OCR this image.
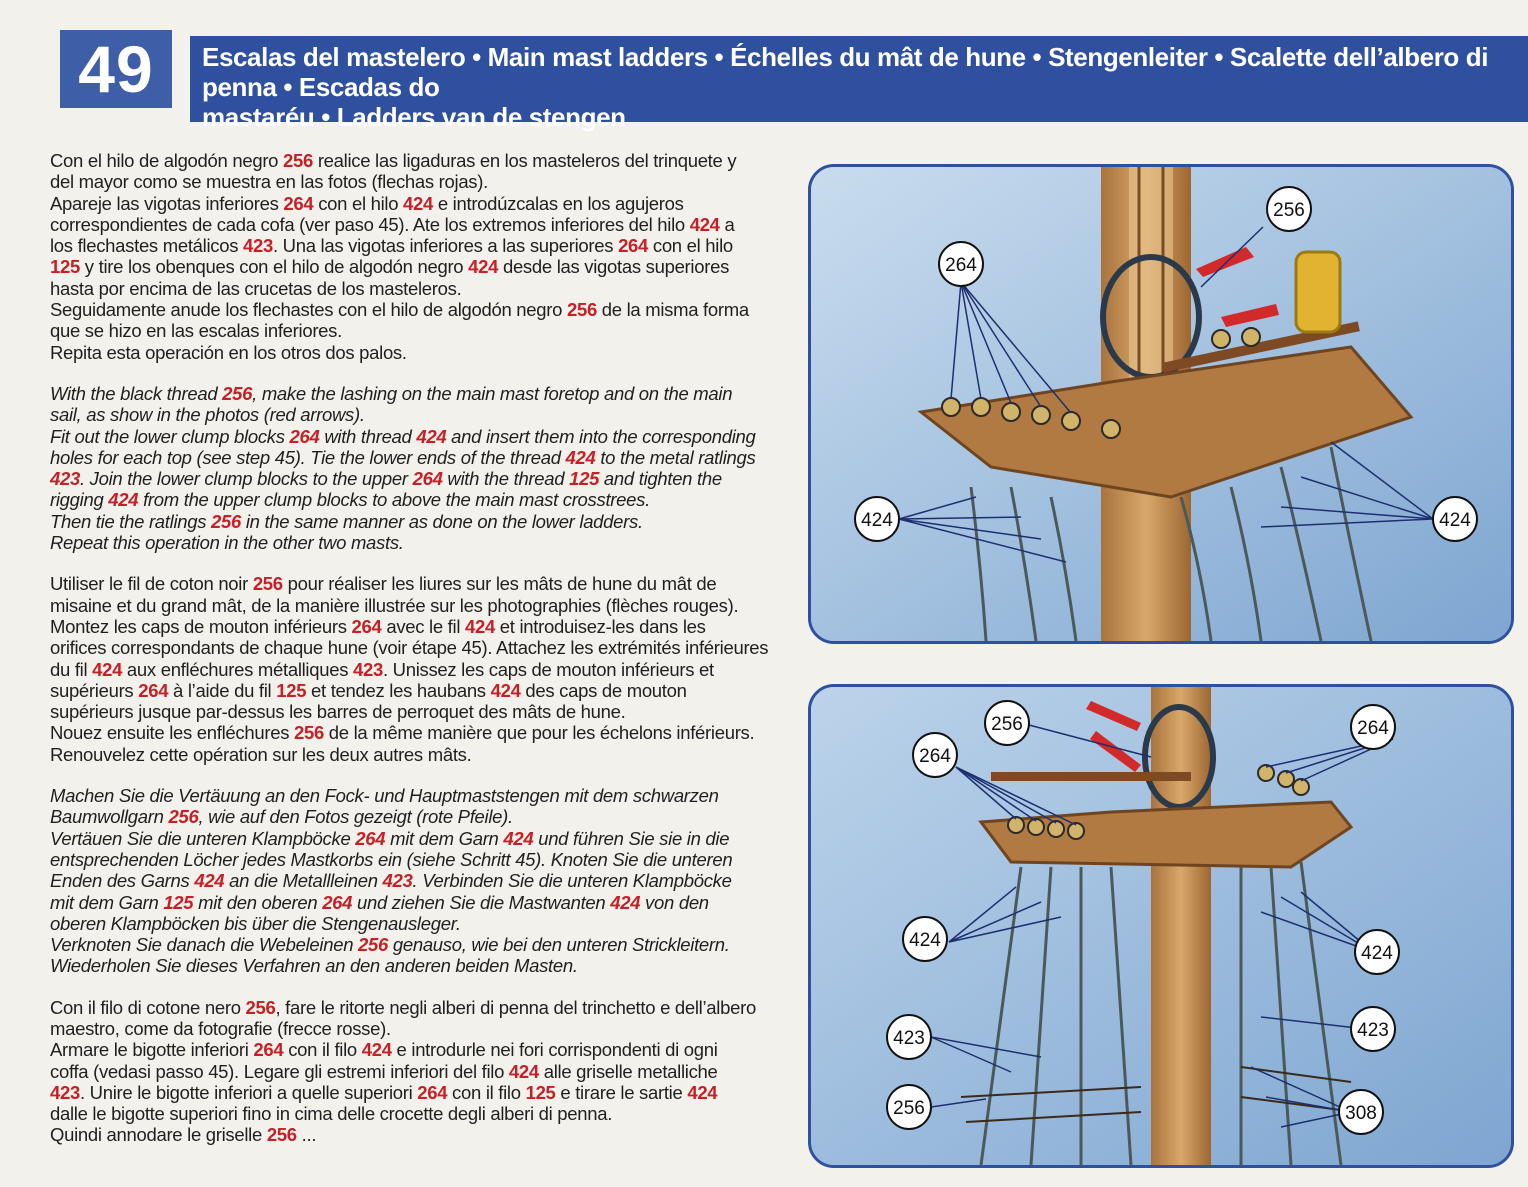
49	Escalas del mastelero • Main mast ladders • Échelles du mât de hune • Stengenleiter • Scalette dell’albero di penna • Escadas do
mastaréu • Ladders van de stengen
Con el hilo de algodón negro 256 realice las ligaduras en los masteleros del trinquete y
del mayor como se muestra en las fotos (flechas rojas).
Apareje las vigotas inferiores 264 con el hilo 424 e introdúzcalas en los agujeros
correspondientes de cada cofa (ver paso 45). Ate los extremos inferiores del hilo 424 a
los flechastes metálicos 423. Una las vigotas inferiores a las superiores 264 con el hilo
125 y tire los obenques con el hilo de algodón negro 424 desde las vigotas superiores
hasta por encima de las crucetas de los masteleros.
Seguidamente anude los flechastes con el hilo de algodón negro 256 de la misma forma
que se hizo en las escalas inferiores.
Repita esta operación en los otros dos palos.
With the black thread 256, make the lashing on the main mast foretop and on the main
sail, as show in the photos (red arrows).
Fit out the lower clump blocks 264 with thread 424 and insert them into the corresponding
holes for each top (see step 45). Tie the lower ends of the thread 424 to the metal ratlings
423. Join the lower clump blocks to the upper 264 with the thread 125 and tighten the
rigging 424 from the upper clump blocks to above the main mast crosstrees.
Then tie the ratlings 256 in the same manner as done on the lower ladders.
Repeat this operation in the other two masts.
Utiliser le fil de coton noir 256 pour réaliser les liures sur les mâts de hune du mât de
misaine et du grand mât, de la manière illustrée sur les photographies (flèches rouges).
Montez les caps de mouton inférieurs 264 avec le fil 424 et introduisez-les dans les
orifices correspondants de chaque hune (voir étape 45). Attachez les extrémités inférieures
du fil 424 aux enfléchures métalliques 423. Unissez les caps de mouton inférieurs et
supérieurs 264 à l’aide du fil 125 et tendez les haubans 424 des caps de mouton
supérieurs jusque par-dessus les barres de perroquet des mâts de hune.
Nouez ensuite les enfléchures 256 de la même manière que pour les échelons inférieurs.
Renouvelez cette opération sur les deux autres mâts.
Machen Sie die Vertäuung an den Fock- und Hauptmaststengen mit dem schwarzen
Baumwollgarn 256, wie auf den Fotos gezeigt (rote Pfeile).
Vertäuen Sie die unteren Klampböcke 264 mit dem Garn 424 und führen Sie sie in die
entsprechenden Löcher jedes Mastkorbs ein (siehe Schritt 45). Knoten Sie die unteren
Enden des Garns 424 an die Metallleinen 423. Verbinden Sie die unteren Klampböcke
mit dem Garn 125 mit den oberen 264 und ziehen Sie die Mastwanten 424 von den
oberen Klampböcken bis über die Stengenausleger.
Verknoten Sie danach die Webeleinen 256 genauso, wie bei den unteren Strickleitern.
Wiederholen Sie dieses Verfahren an den anderen beiden Masten.
Con il filo di cotone nero 256, fare le ritorte negli alberi di penna del trinchetto e dell’albero
maestro, come da fotografie (frecce rosse).
Armare le bigotte inferiori 264 con il filo 424 e introdurle nei fori corrispondenti di ogni
coffa (vedasi passo 45). Legare gli estremi inferiori del filo 424 alle griselle metalliche
423. Unire le bigotte inferiori a quelle superiori 264 con il filo 125 e tirare le sartie 424
dalle le bigotte superiori fino in cima delle crocette degli alberi di penna.
Quindi annodare le griselle 256 ...
256
264
424	424
256
264
264
424
424
423	423
256	308
